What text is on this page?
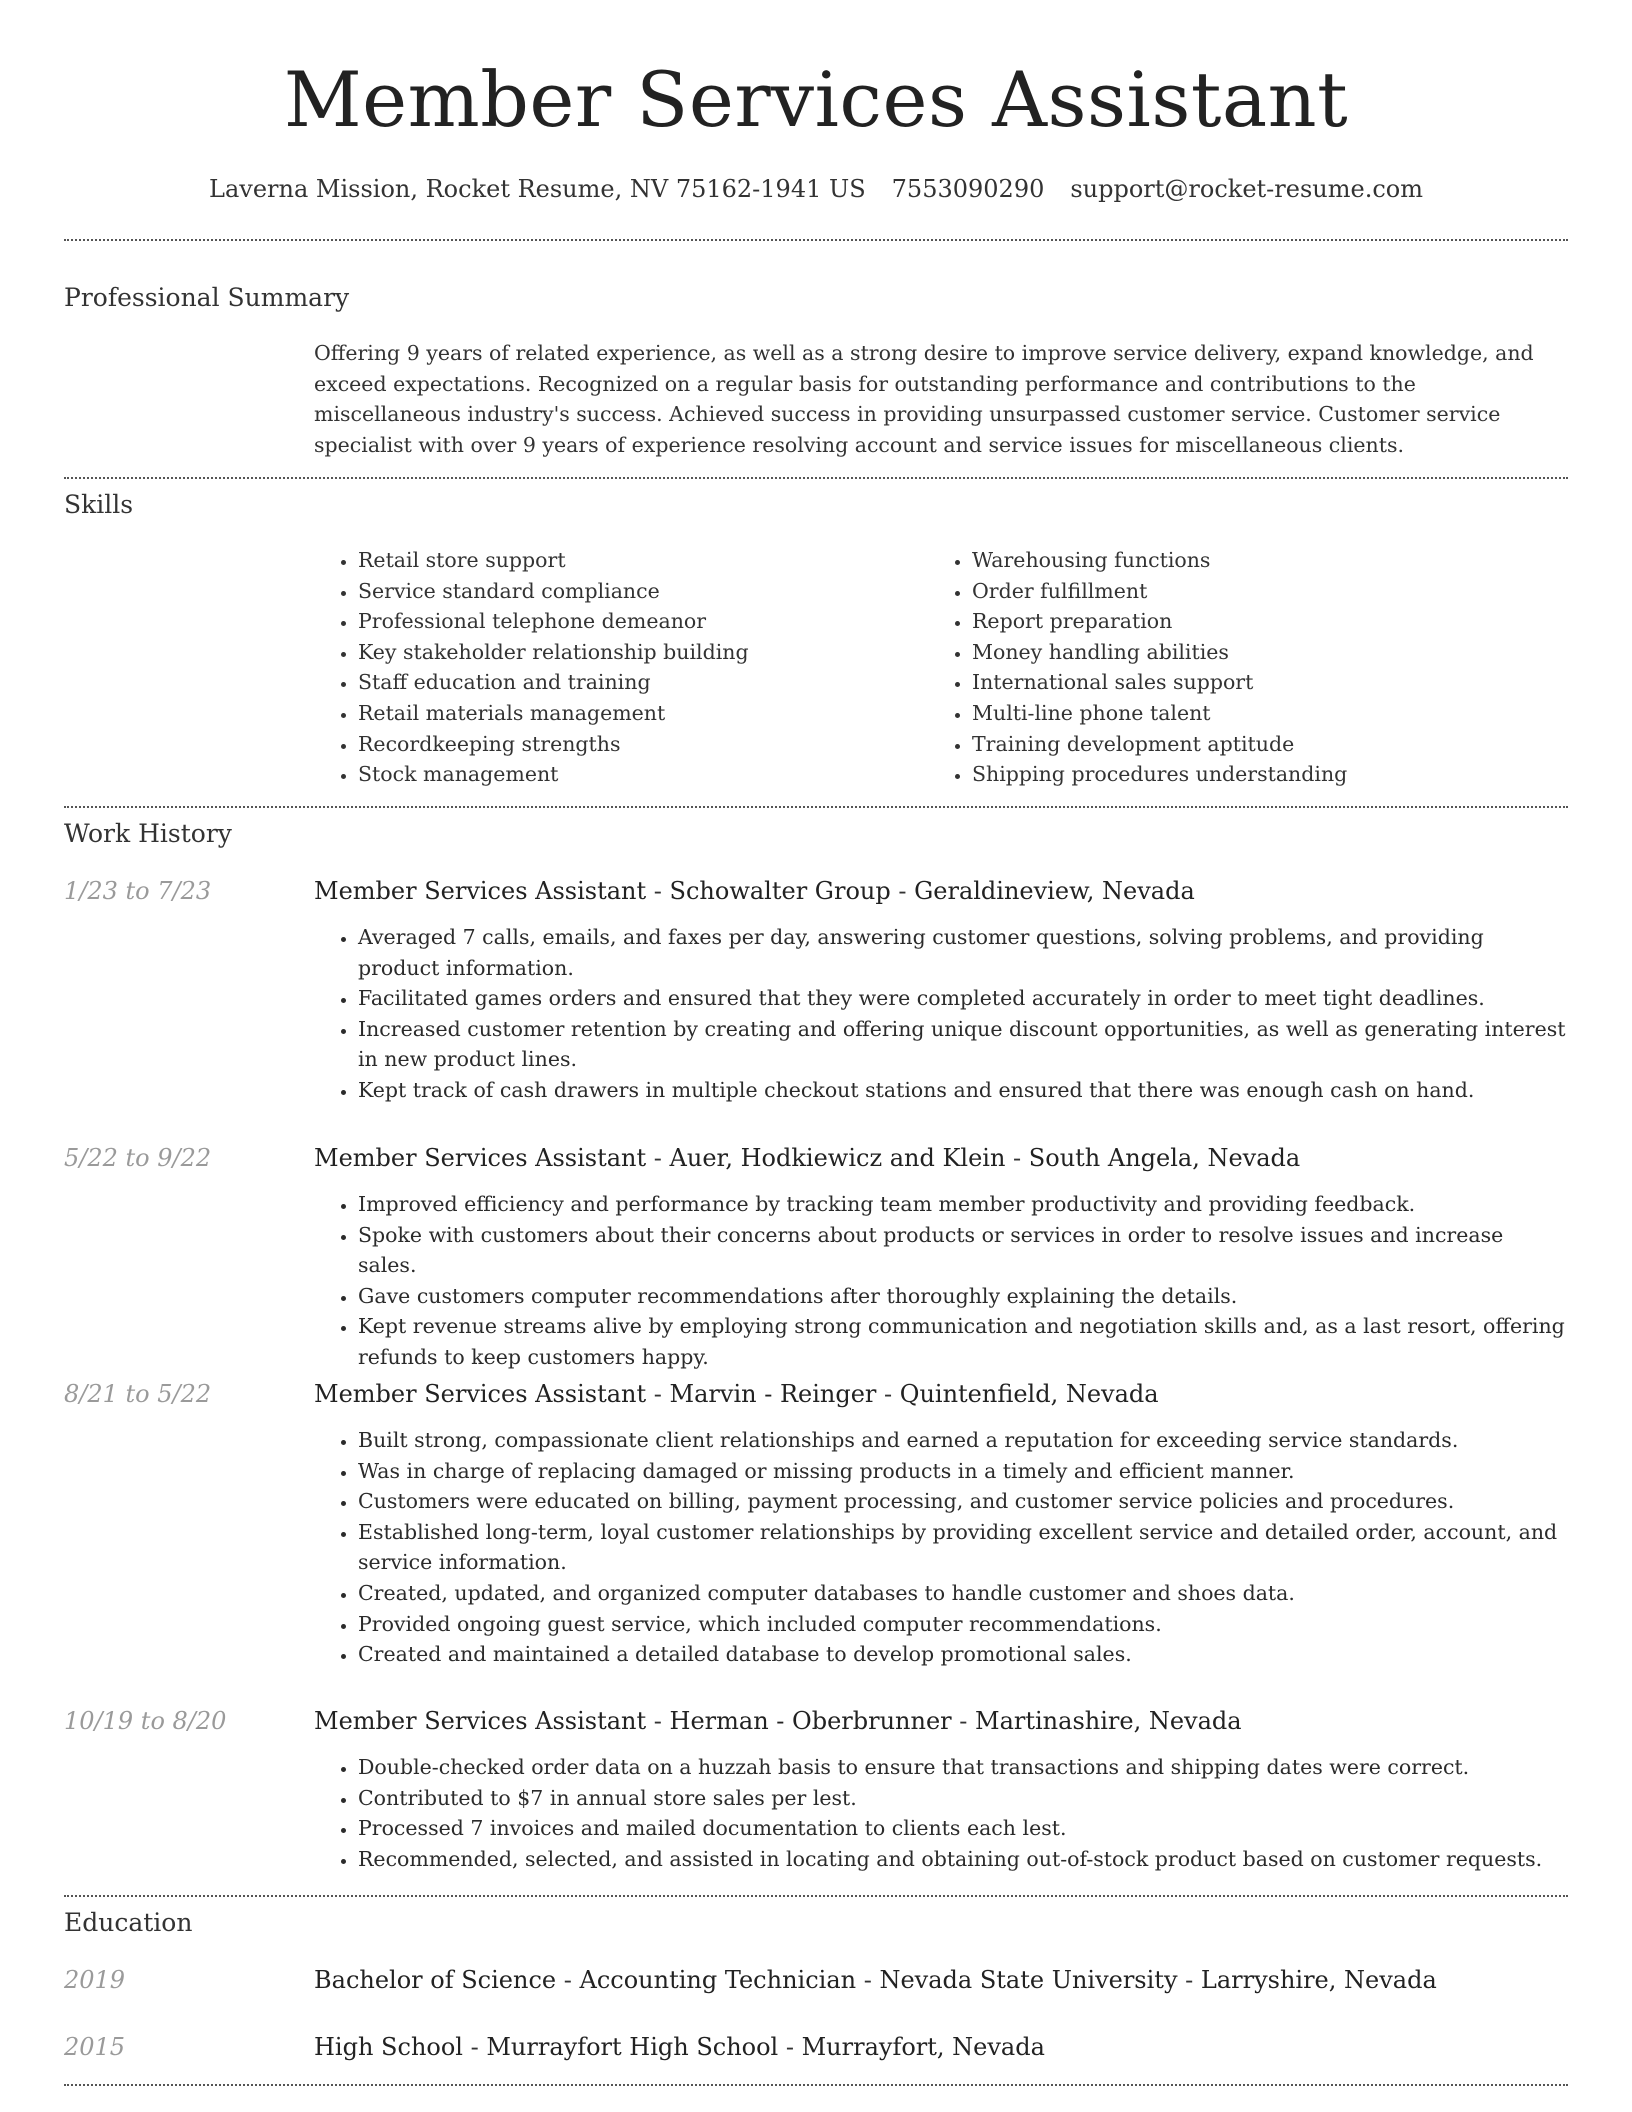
Member Services Assistant
Laverna Mission, Rocket Resume, NV 75162-1941 US 7553090290 support@rocket-resume.com
Professional Summary
Offering 9 years of related experience, as well as a strong desire to improve service delivery, expand knowledge, and exceed expectations. Recognized on a regular basis for outstanding performance and contributions to the miscellaneous industry's success. Achieved success in providing unsurpassed customer service. Customer service specialist with over 9 years of experience resolving account and service issues for miscellaneous clients.
Skills
• Retail store support
• Service standard compliance
• Professional telephone demeanor
• Key stakeholder relationship building
• Staff education and training
• Retail materials management
• Recordkeeping strengths
• Stock management
• Warehousing functions
• Order fulfillment
• Report preparation
• Money handling abilities
• International sales support
• Multi-line phone talent
• Training development aptitude
• Shipping procedures understanding
Work History
1/23 to 7/23	Member Services Assistant - Schowalter Group - Geraldineview, Nevada
• Averaged 7 calls, emails, and faxes per day, answering customer questions, solving problems, and providing product information.
• Facilitated games orders and ensured that they were completed accurately in order to meet tight deadlines.
• Increased customer retention by creating and offering unique discount opportunities, as well as generating interest in new product lines.
• Kept track of cash drawers in multiple checkout stations and ensured that there was enough cash on hand.
5/22 to 9/22	Member Services Assistant - Auer, Hodkiewicz and Klein - South Angela, Nevada
• Improved efficiency and performance by tracking team member productivity and providing feedback.
• Spoke with customers about their concerns about products or services in order to resolve issues and increase sales.
• Gave customers computer recommendations after thoroughly explaining the details.
• Kept revenue streams alive by employing strong communication and negotiation skills and, as a last resort, offering refunds to keep customers happy.
8/21 to 5/22	Member Services Assistant - Marvin - Reinger - Quintenfield, Nevada
• Built strong, compassionate client relationships and earned a reputation for exceeding service standards.
• Was in charge of replacing damaged or missing products in a timely and efficient manner.
• Customers were educated on billing, payment processing, and customer service policies and procedures.
• Established long-term, loyal customer relationships by providing excellent service and detailed order, account, and service information.
• Created, updated, and organized computer databases to handle customer and shoes data.
• Provided ongoing guest service, which included computer recommendations.
• Created and maintained a detailed database to develop promotional sales.
10/19 to 8/20	Member Services Assistant - Herman - Oberbrunner - Martinashire, Nevada
• Double-checked order data on a huzzah basis to ensure that transactions and shipping dates were correct.
• Contributed to $7 in annual store sales per lest.
• Processed 7 invoices and mailed documentation to clients each lest.
• Recommended, selected, and assisted in locating and obtaining out-of-stock product based on customer requests.
Education
2019	Bachelor of Science - Accounting Technician - Nevada State University - Larryshire, Nevada
2015	High School - Murrayfort High School - Murrayfort, Nevada
